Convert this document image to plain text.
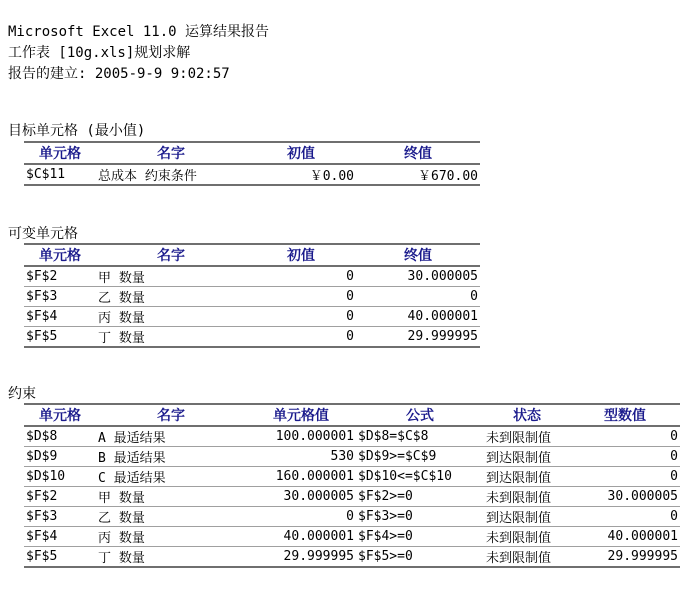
Microsoft Excel 11.0 运算结果报告
工作表 [10g.xls]规划求解
报告的建立: 2005-9-9 9:02:57
目标单元格 (最小值)
单元格	名字	初值	终值
$C$11	总成本 约束条件	￥0.00	￥670.00
可变单元格
单元格	名字	初值	终值
$F$2	甲 数量	0	30.000005
$F$3	乙 数量	0	0
$F$4	丙 数量	0	40.000001
$F$5	丁 数量	0	29.999995
约束
单元格	名字	单元格值	公式	状态	型数值
$D$8	A 最适结果	100.000001	$D$8=$C$8	未到限制值	0
$D$9	B 最适结果	530	$D$9>=$C$9	到达限制值	0
$D$10	C 最适结果	160.000001	$D$10<=$C$10	到达限制值	0
$F$2	甲 数量	30.000005	$F$2>=0	未到限制值	30.000005
$F$3	乙 数量	0	$F$3>=0	到达限制值	0
$F$4	丙 数量	40.000001	$F$4>=0	未到限制值	40.000001
$F$5	丁 数量	29.999995	$F$5>=0	未到限制值	29.999995
